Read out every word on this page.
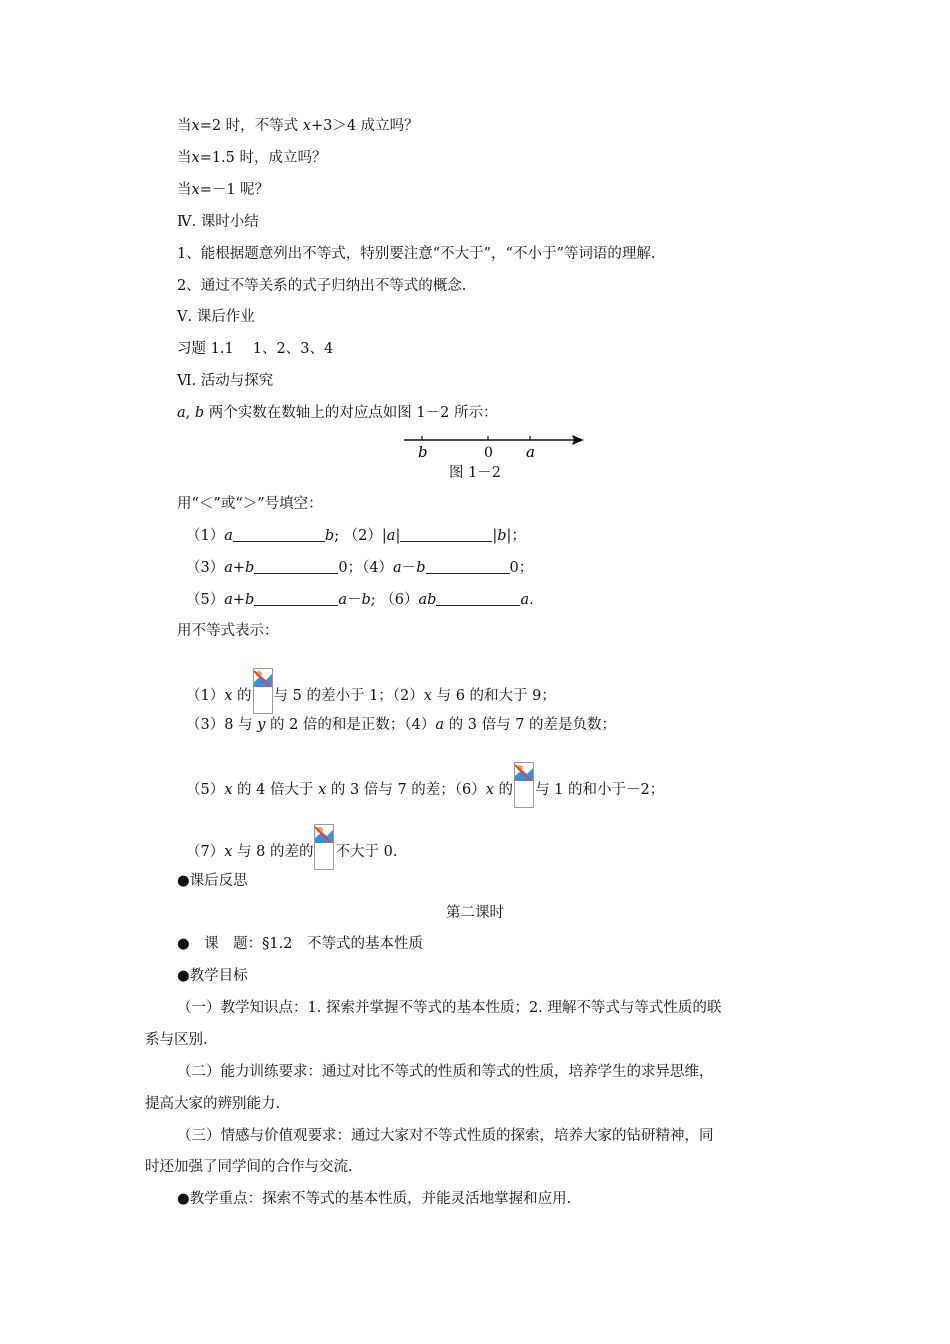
当x=2 时，不等式 x+3＞4 成立吗？
当x=1.5 时，成立吗？
当x=－1 呢？
Ⅳ. 课时小结
1、能根据题意列出不等式，特别要注意“不大于”，“不小于”等词语的理解.
2、通过不等关系的式子归纳出不等式的概念.
Ⅴ. 课后作业
习题 1.1　 1、2、3、4
Ⅵ. 活动与探究
a, b 两个实数在数轴上的对应点如图 1－2 所示：
b	0 a
图 1－2
用“＜”或“＞”号填空：
（1）a	b; （2）|a|	|b|；
（3）a+b	0；（4）a－b	0；
（5）a+b	a－b; （6）ab	a.
用不等式表示：
（1）x 的 与 5 的差小于 1；（2）x 与 6 的和大于 9；
（3）8 与 y 的 2 倍的和是正数；（4）a 的 3 倍与 7 的差是负数；
（5）x 的 4 倍大于 x 的 3 倍与 7 的差；（6）x 的 与 1 的和小于－2；
（7）x 与 8 的差的 不大于 0.
●课后反思
第二课时
●　课　题：§1.2　不等式的基本性质
●教学目标
（一）教学知识点：1. 探索并掌握不等式的基本性质；2. 理解不等式与等式性质的联
系与区别.
（二）能力训练要求：通过对比不等式的性质和等式的性质，培养学生的求异思维，
提高大家的辨别能力.
（三）情感与价值观要求：通过大家对不等式性质的探索，培养大家的钻研精神，同
时还加强了同学间的合作与交流.
●教学重点：探索不等式的基本性质，并能灵活地掌握和应用.
